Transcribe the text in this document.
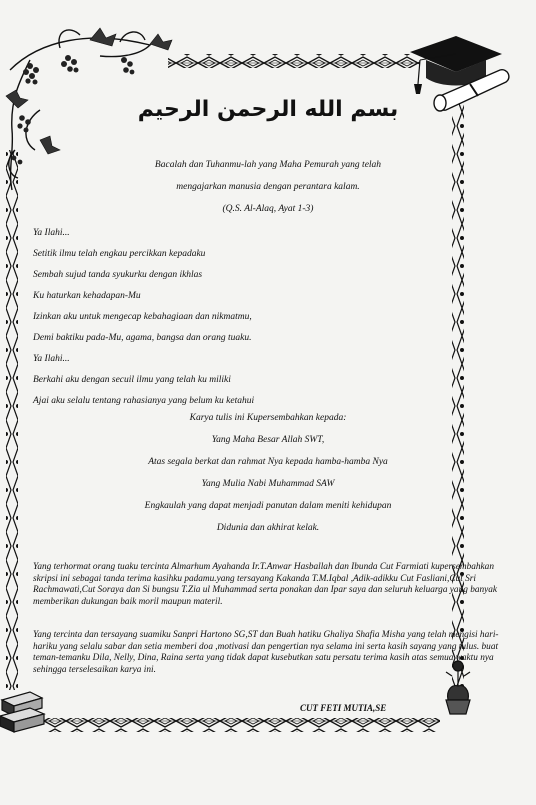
بسم الله الرحمن الرحيم
Bacalah dan Tuhanmu-lah yang Maha Pemurah yang telah
mengajarkan manusia dengan perantara kalam.
(Q.S. Al-Alaq, Ayat 1-3)
Ya Ilahi...
Setitik ilmu telah engkau percikkan kepadaku
Sembah sujud tanda syukurku dengan ikhlas
Ku haturkan kehadapan-Mu
Izinkan aku untuk mengecap kebahagiaan dan nikmatmu,
Demi baktiku pada-Mu, agama, bangsa dan orang tuaku.
Ya Ilahi...
Berkahi aku dengan secuil ilmu yang telah ku miliki
Ajai aku selalu tentang rahasianya yang belum ku ketahui
Karya tulis ini Kupersembahkan kepada:
Yang Maha Besar Allah SWT,
Atas segala berkat dan rahmat Nya kepada hamba-hamba Nya
Yang Mulia Nabi Muhammad SAW
Engkaulah yang dapat menjadi panutan dalam meniti kehidupan
Didunia dan akhirat kelak.
Yang terhormat orang tuaku tercinta Almarhum Ayahanda Ir.T.Anwar Hasballah dan Ibunda Cut Farmiati kupersembahkan skripsi ini sebagai tanda terima kasihku padamu.yang tersayang Kakanda T.M.Iqbal ,Adik-adikku Cut Fasliani,Cut Sri Rachmawati,Cut Soraya dan Si bungsu T.Zia ul Muhammad serta ponakan dan Ipar saya dan seluruh keluarga yang banyak memberikan dukungan baik moril maupun materil.
Yang tercinta dan tersayang suamiku Sanpri Hartono SG,ST dan Buah hatiku Ghaliya Shafia Misha yang telah mengisi hari-hariku yang selalu sabar dan setia memberi doa ,motivasi dan pengertian nya selama ini serta kasih sayang yang tulus. buat teman-temanku Dila, Nelly, Dina, Raina serta yang tidak dapat kusebutkan satu persatu terima kasih atas semua waktu nya sehingga terselesaikan karya ini.
CUT FETI MUTIA,SE
